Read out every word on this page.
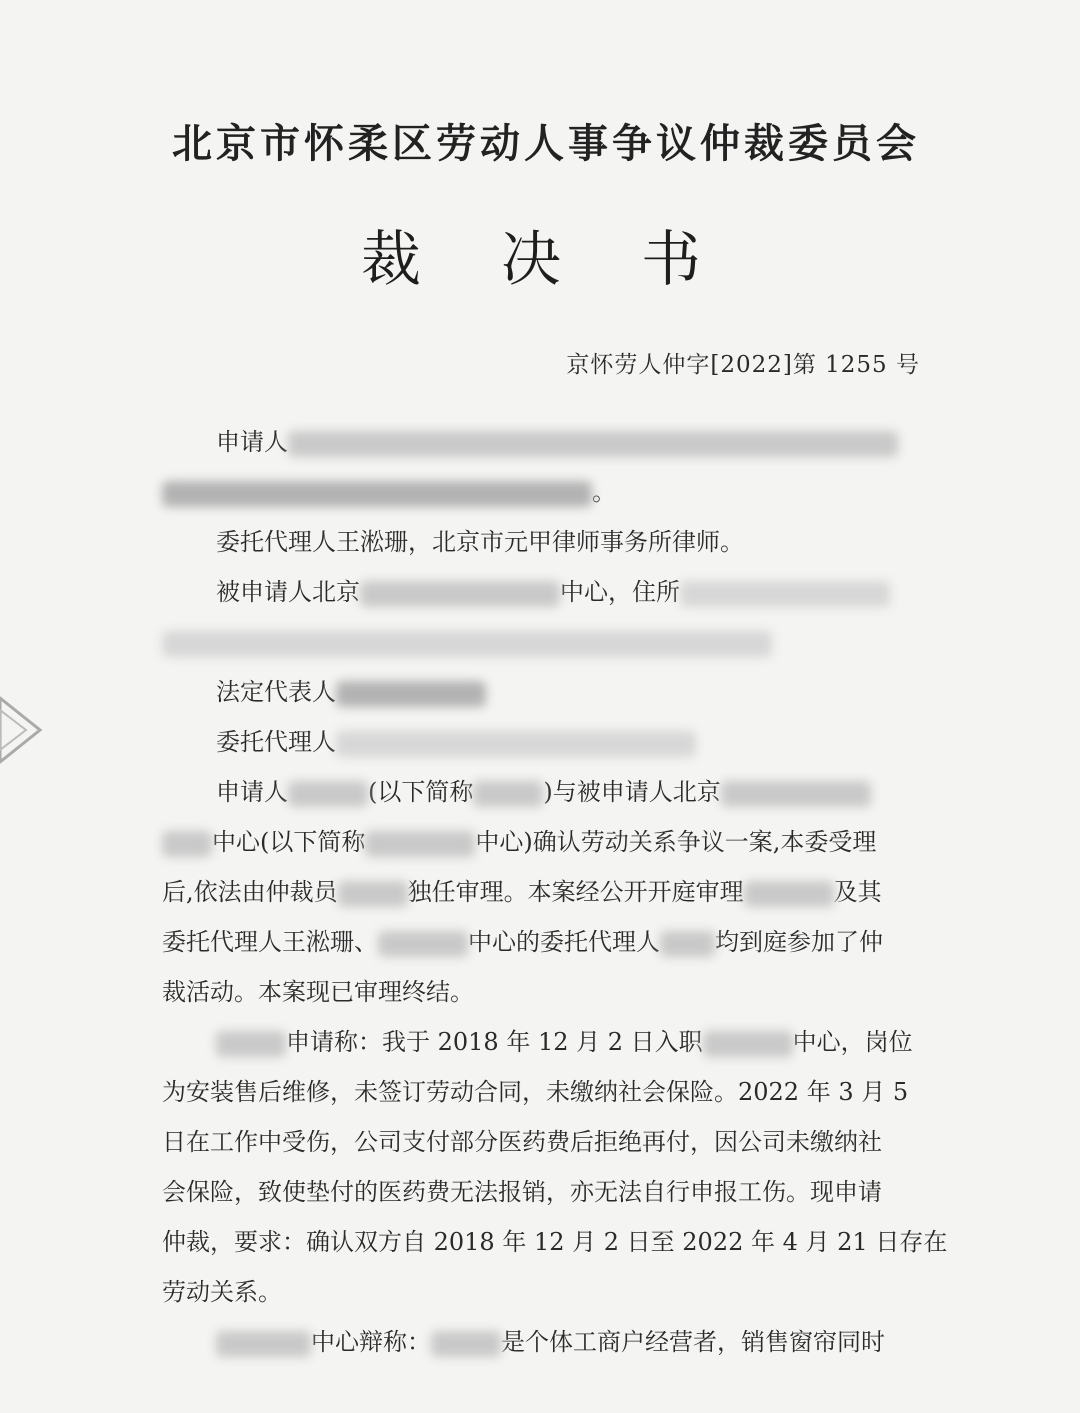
北京市怀柔区劳动人事争议仲裁委员会
裁决书
京怀劳人仲字[2022]第 1255 号
申请人
。
委托代理人王淞珊，北京市元甲律师事务所律师。
被申请人北京	中心，住所
法定代表人
委托代理人
申请人	(以下简称	)与被申请人北京
中心(以下简称	中心)确认劳动关系争议一案,本委受理
后,依法由仲裁员	独任审理。本案经公开开庭审理	及其
委托代理人王淞珊、	中心的委托代理人 均到庭参加了仲
裁活动。本案现已审理终结。
申请称：我于 2018 年 12 月 2 日入职	中心，岗位
为安装售后维修，未签订劳动合同，未缴纳社会保险。2022 年 3 月 5
日在工作中受伤，公司支付部分医药费后拒绝再付，因公司未缴纳社
会保险，致使垫付的医药费无法报销，亦无法自行申报工伤。现申请
仲裁，要求：确认双方自 2018 年 12 月 2 日至 2022 年 4 月 21 日存在
劳动关系。
中心辩称：	是个体工商户经营者，销售窗帘同时
